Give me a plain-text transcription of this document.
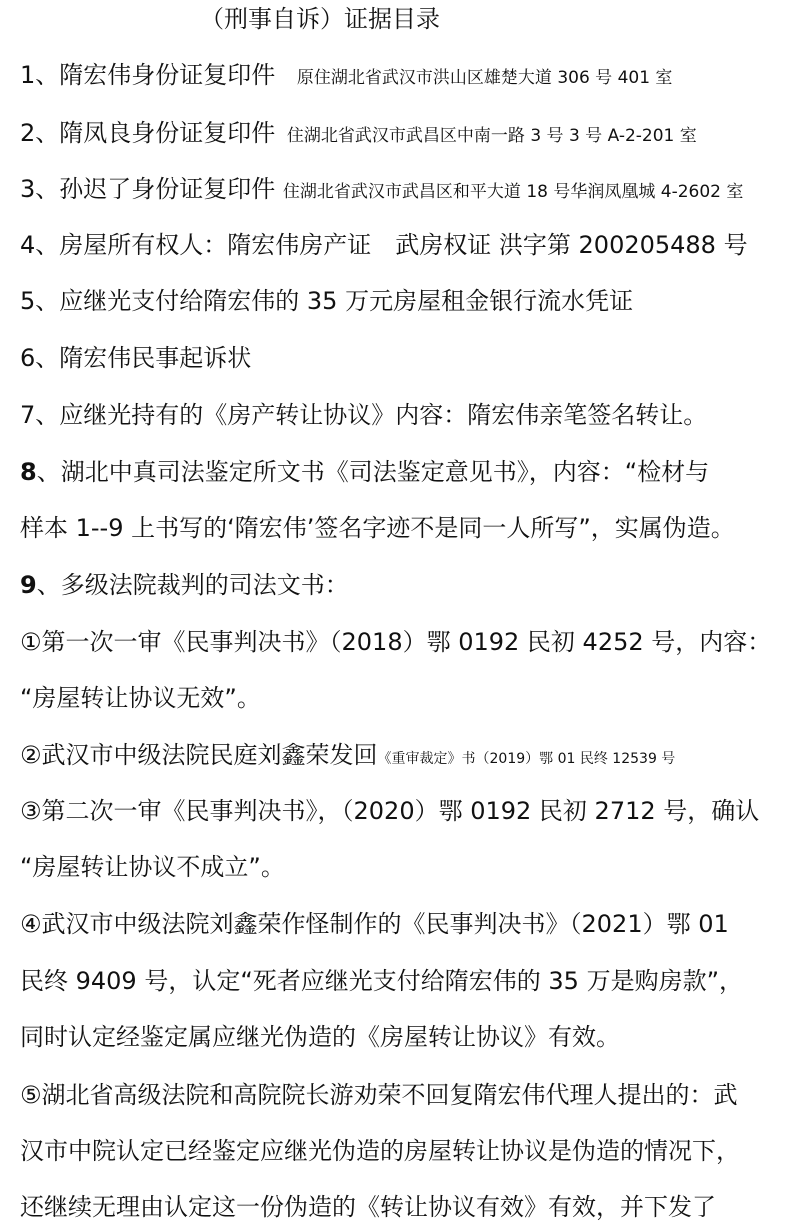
（刑事自诉）证据目录
1、隋宏伟身份证复印件 原住湖北省武汉市洪山区雄楚大道 306 号 401 室
2、隋凤良身份证复印件 住湖北省武汉市武昌区中南一路 3 号 3 号 A-2-201 室
3、孙迟了身份证复印件 住湖北省武汉市武昌区和平大道 18 号华润凤凰城 4-2602 室
4、房屋所有权人：隋宏伟房产证　武房权证 洪字第 200205488 号
5、应继光支付给隋宏伟的 35 万元房屋租金银行流水凭证
6、隋宏伟民事起诉状
7、应继光持有的《房产转让协议》内容：隋宏伟亲笔签名转让。
8、湖北中真司法鉴定所文书《司法鉴定意见书》，内容：“检材与
样本 1--9 上书写的‘隋宏伟’签名字迹不是同一人所写”，实属伪造。
9、多级法院裁判的司法文书：
①第一次一审《民事判决书》（2018）鄂 0192 民初 4252 号，内容：
“房屋转让协议无效”。
②武汉市中级法院民庭刘鑫荣发回《重审裁定》书（2019）鄂 01 民终 12539 号
③第二次一审《民事判决书》，（2020）鄂 0192 民初 2712 号，确认
“房屋转让协议不成立”。
④武汉市中级法院刘鑫荣作怪制作的《民事判决书》（2021）鄂 01
民终 9409 号，认定“死者应继光支付给隋宏伟的 35 万是购房款”，
同时认定经鉴定属应继光伪造的《房屋转让协议》有效。
⑤湖北省高级法院和高院院长游劝荣不回复隋宏伟代理人提出的：武
汉市中院认定已经鉴定应继光伪造的房屋转让协议是伪造的情况下，
还继续无理由认定这一份伪造的《转让协议有效》有效，并下发了
